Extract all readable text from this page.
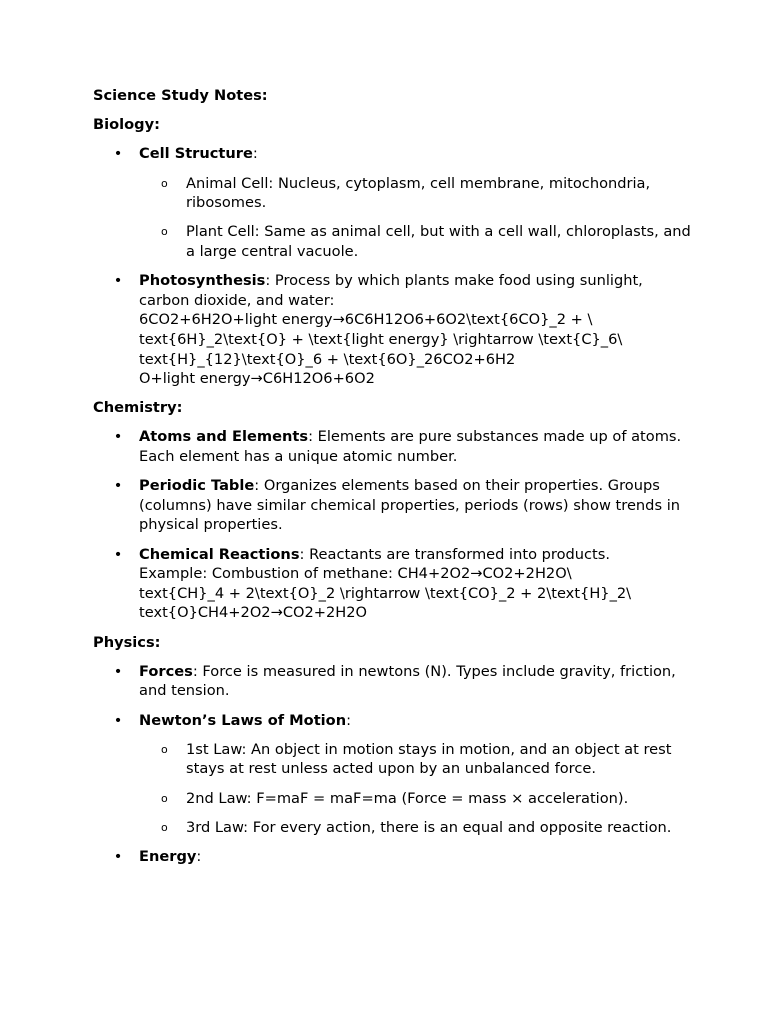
Science Study Notes:
Biology:
• Cell Structure:
o Animal Cell: Nucleus, cytoplasm, cell membrane, mitochondria, ribosomes.
o Plant Cell: Same as animal cell, but with a cell wall, chloroplasts, and a large central vacuole.
• Photosynthesis: Process by which plants make food using sunlight, carbon dioxide, and water:
6CO2+6H2O+light energy→6C6H12O6+6O2\text{6CO}_2 + \
text{6H}_2\text{O} + \text{light energy} \rightarrow \text{C}_6\
text{H}_{12}\text{O}_6 + \text{6O}_26CO2+6H2
O+light energy→C6H12O6+6O2
Chemistry:
• Atoms and Elements: Elements are pure substances made up of atoms. Each element has a unique atomic number.
• Periodic Table: Organizes elements based on their properties. Groups (columns) have similar chemical properties, periods (rows) show trends in physical properties.
• Chemical Reactions: Reactants are transformed into products.
Example: Combustion of methane: CH4+2O2→CO2+2H2O\
text{CH}_4 + 2\text{O}_2 \rightarrow \text{CO}_2 + 2\text{H}_2\
text{O}CH4+2O2→CO2+2H2O
Physics:
• Forces: Force is measured in newtons (N). Types include gravity, friction, and tension.
• Newton’s Laws of Motion:
o 1st Law: An object in motion stays in motion, and an object at rest stays at rest unless acted upon by an unbalanced force.
o 2nd Law: F=maF = maF=ma (Force = mass × acceleration).
o 3rd Law: For every action, there is an equal and opposite reaction.
• Energy:
